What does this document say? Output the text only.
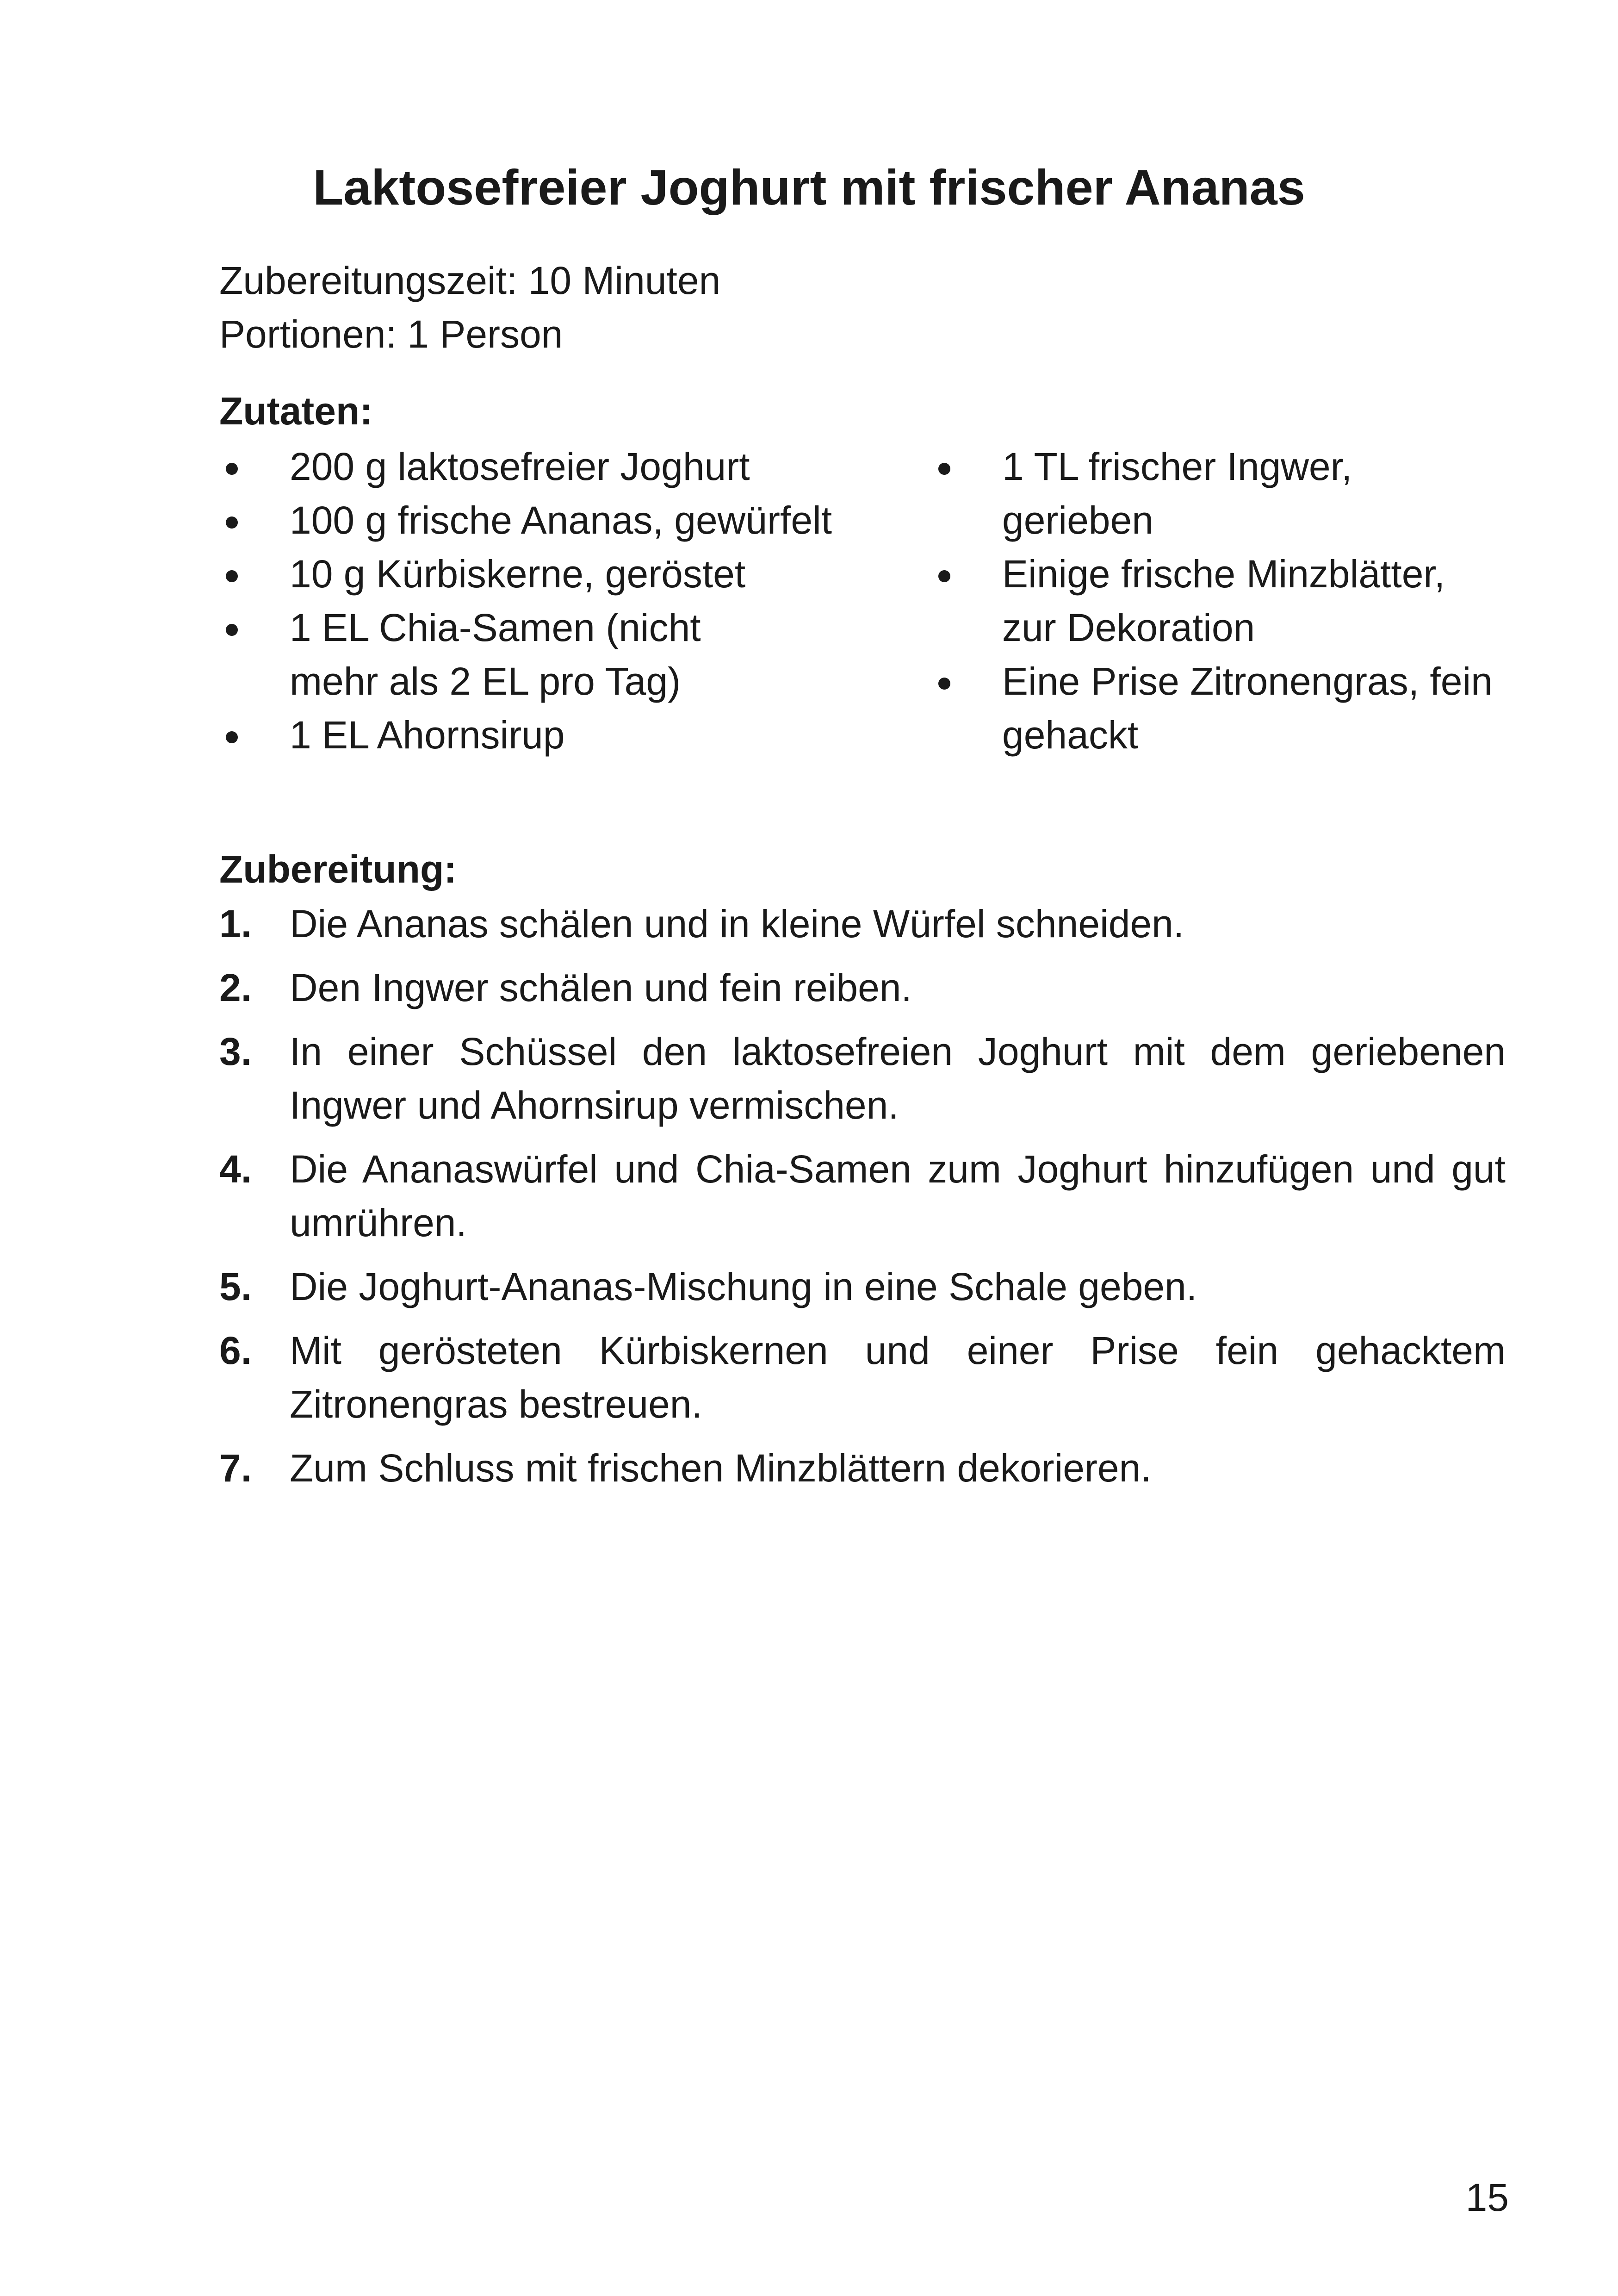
Laktosefreier Joghurt mit frischer Ananas
Zubereitungszeit: 10 Minuten
Portionen: 1 Person
Zutaten:
200 g laktosefreier Joghurt
100 g frische Ananas, gewürfelt
10 g Kürbiskerne, geröstet
1 EL Chia-Samen (nicht mehr als 2 EL pro Tag)
1 EL Ahornsirup
1 TL frischer Ingwer, gerieben
Einige frische Minzblätter, zur Dekoration
Eine Prise Zitronengras, fein gehackt
Zubereitung:
1. Die Ananas schälen und in kleine Würfel schneiden.
2. Den Ingwer schälen und fein reiben.
3. In einer Schüssel den laktosefreien Joghurt mit dem geriebenen Ingwer und Ahornsirup vermischen.
4. Die Ananaswürfel und Chia-Samen zum Joghurt hinzufügen und gut umrühren.
5. Die Joghurt-Ananas-Mischung in eine Schale geben.
6. Mit gerösteten Kürbiskernen und einer Prise fein gehacktem Zitronengras bestreuen.
7. Zum Schluss mit frischen Minzblättern dekorieren.
15
